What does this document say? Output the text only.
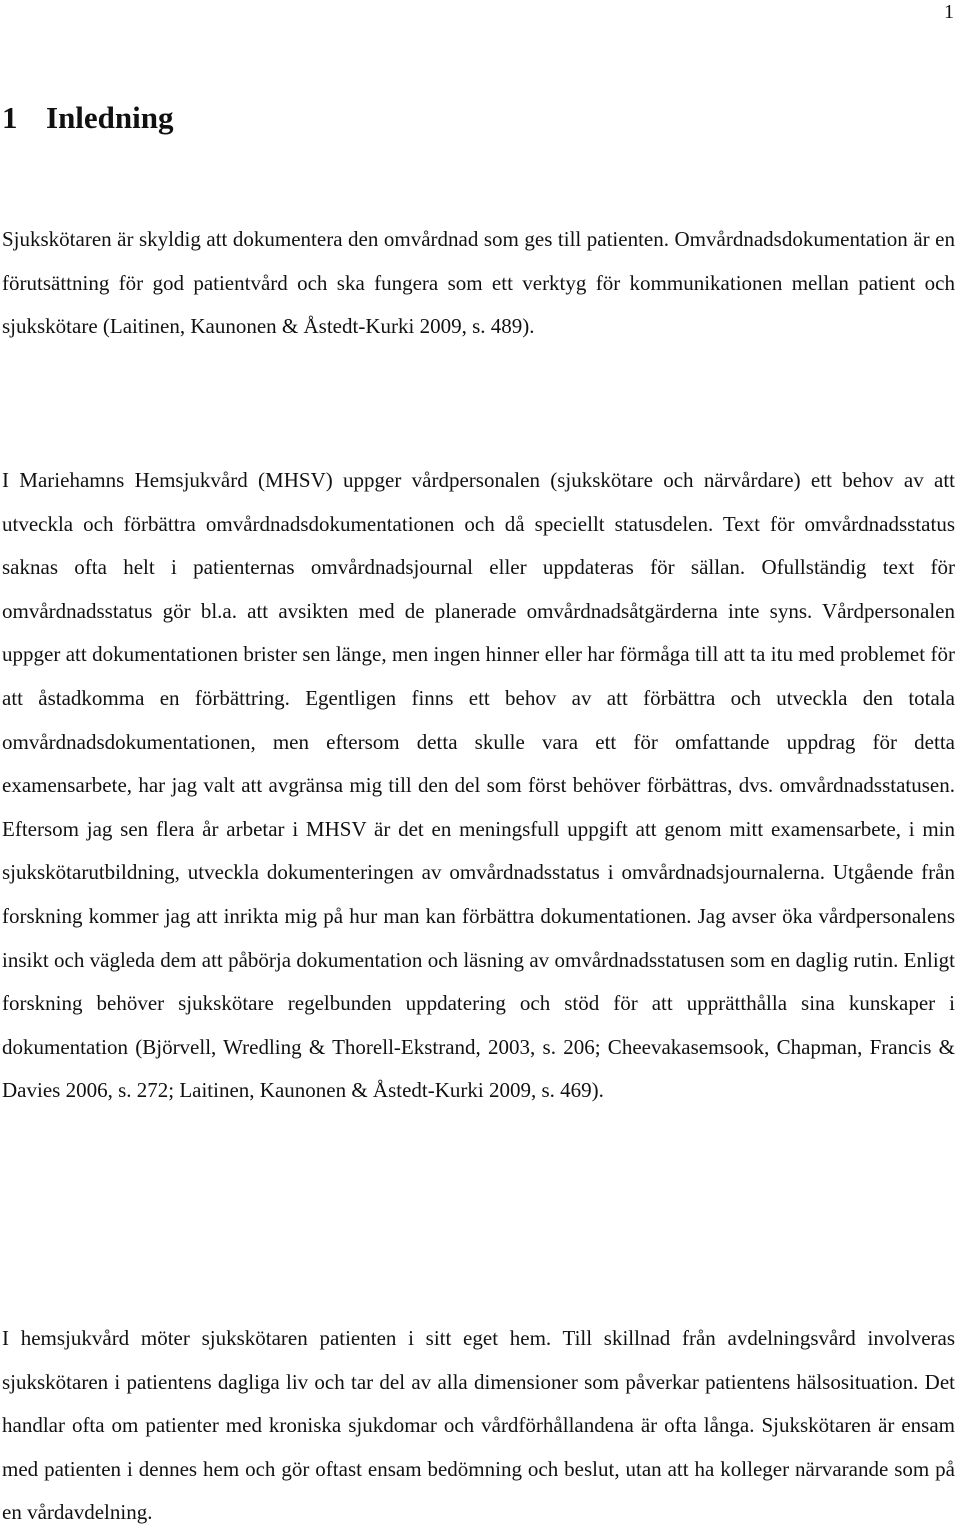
1
1 Inledning

Sjukskötaren är skyldig att dokumentera den omvårdnad som ges till patienten. Omvårdnadsdokumentation är en förutsättning för god patientvård och ska fungera som ett verktyg för kommunikationen mellan patient och sjukskötare (Laitinen, Kaunonen & Åstedt-Kurki 2009, s. 489).

I Mariehamns Hemsjukvård (MHSV) uppger vårdpersonalen (sjukskötare och närvårdare) ett behov av att utveckla och förbättra omvårdnadsdokumentationen och då speciellt statusdelen. Text för omvårdnadsstatus saknas ofta helt i patienternas omvårdnadsjournal eller uppdateras för sällan. Ofullständig text för omvårdnadsstatus gör bl.a. att avsikten med de planerade omvårdnadsåtgärderna inte syns. Vårdpersonalen uppger att dokumentationen brister sen länge, men ingen hinner eller har förmåga till att ta itu med problemet för att åstadkomma en förbättring. Egentligen finns ett behov av att förbättra och utveckla den totala omvårdnadsdokumentationen, men eftersom detta skulle vara ett för omfattande uppdrag för detta examensarbete, har jag valt att avgränsa mig till den del som först behöver förbättras, dvs. omvårdnadsstatusen. Eftersom jag sen flera år arbetar i MHSV är det en meningsfull uppgift att genom mitt examensarbete, i min sjukskötarutbildning, utveckla dokumenteringen av omvårdnadsstatus i omvårdnadsjournalerna. Utgående från forskning kommer jag att inrikta mig på hur man kan förbättra dokumentationen. Jag avser öka vårdpersonalens insikt och vägleda dem att påbörja dokumentation och läsning av omvårdnadsstatusen som en daglig rutin. Enligt forskning behöver sjukskötare regelbunden uppdatering och stöd för att upprätthålla sina kunskaper i dokumentation (Björvell, Wredling & Thorell-Ekstrand, 2003, s. 206; Cheevakasemsook, Chapman, Francis & Davies 2006, s. 272; Laitinen, Kaunonen & Åstedt-Kurki 2009, s. 469).

I hemsjukvård möter sjukskötaren patienten i sitt eget hem. Till skillnad från avdelningsvård involveras sjukskötaren i patientens dagliga liv och tar del av alla dimensioner som påverkar patientens hälsosituation. Det handlar ofta om patienter med kroniska sjukdomar och vårdförhållandena är ofta långa. Sjukskötaren är ensam med patienten i dennes hem och gör oftast ensam bedömning och beslut, utan att ha kolleger närvarande som på en vårdavdelning.
